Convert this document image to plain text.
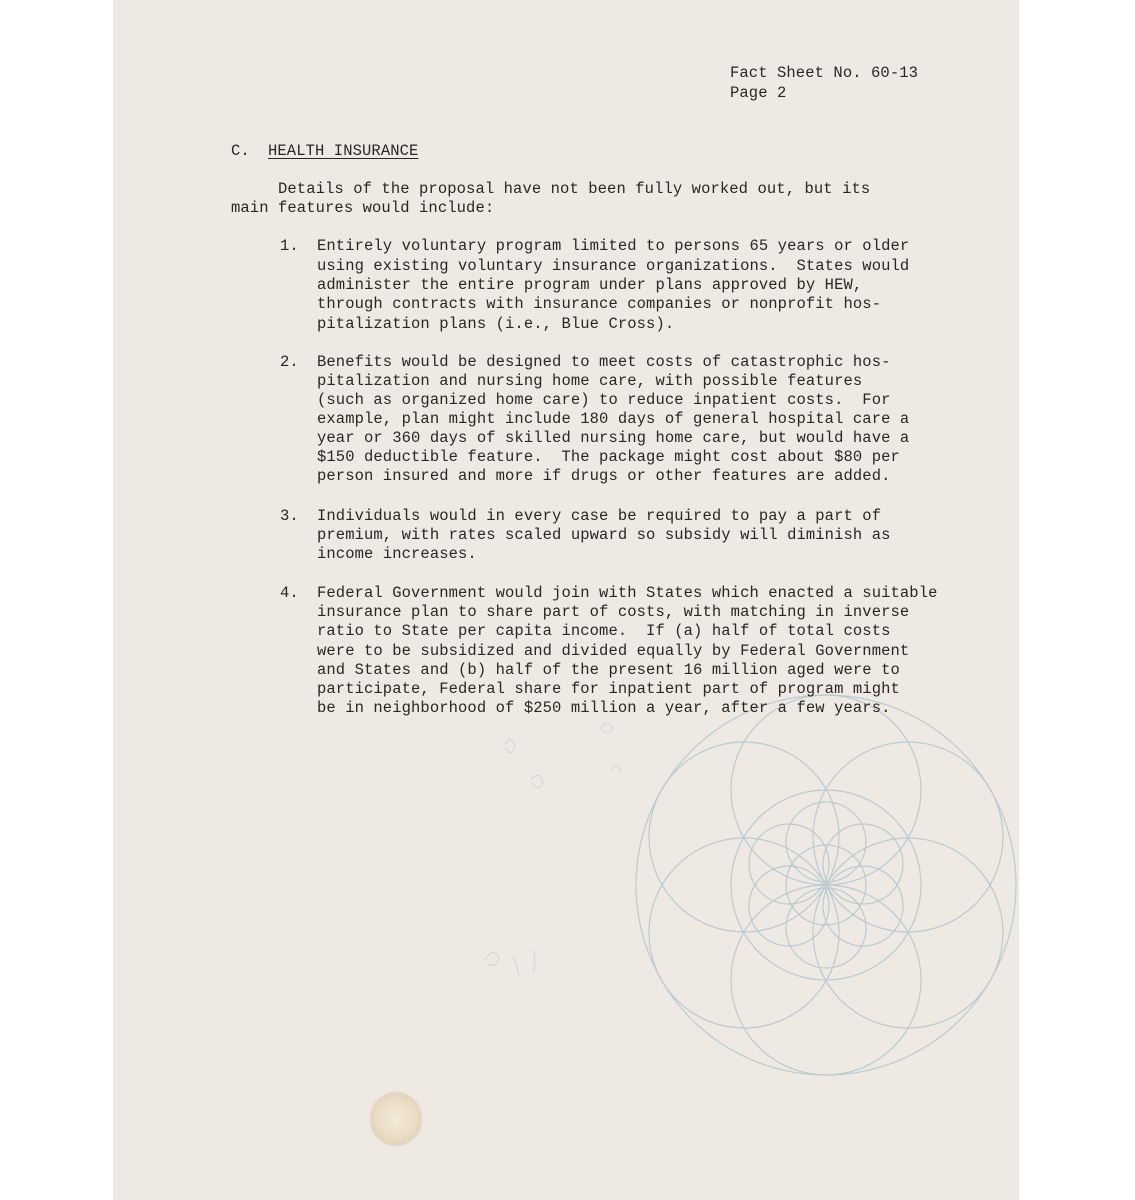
Fact Sheet No. 60-13
Page 2
C. HEALTH INSURANCE
Details of the proposal have not been fully worked out, but its
main features would include:
1. Entirely voluntary program limited to persons 65 years or older
using existing voluntary insurance organizations.  States would
administer the entire program under plans approved by HEW,
through contracts with insurance companies or nonprofit hos-
pitalization plans (i.e., Blue Cross).
2. Benefits would be designed to meet costs of catastrophic hos-
pitalization and nursing home care, with possible features
(such as organized home care) to reduce inpatient costs.  For
example, plan might include 180 days of general hospital care a
year or 360 days of skilled nursing home care, but would have a
$150 deductible feature.  The package might cost about $80 per
person insured and more if drugs or other features are added.
3. Individuals would in every case be required to pay a part of
premium, with rates scaled upward so subsidy will diminish as
income increases.
4. Federal Government would join with States which enacted a suitable
insurance plan to share part of costs, with matching in inverse
ratio to State per capita income.  If (a) half of total costs
were to be subsidized and divided equally by Federal Government
and States and (b) half of the present 16 million aged were to
participate, Federal share for inpatient part of program might
be in neighborhood of $250 million a year, after a few years.
